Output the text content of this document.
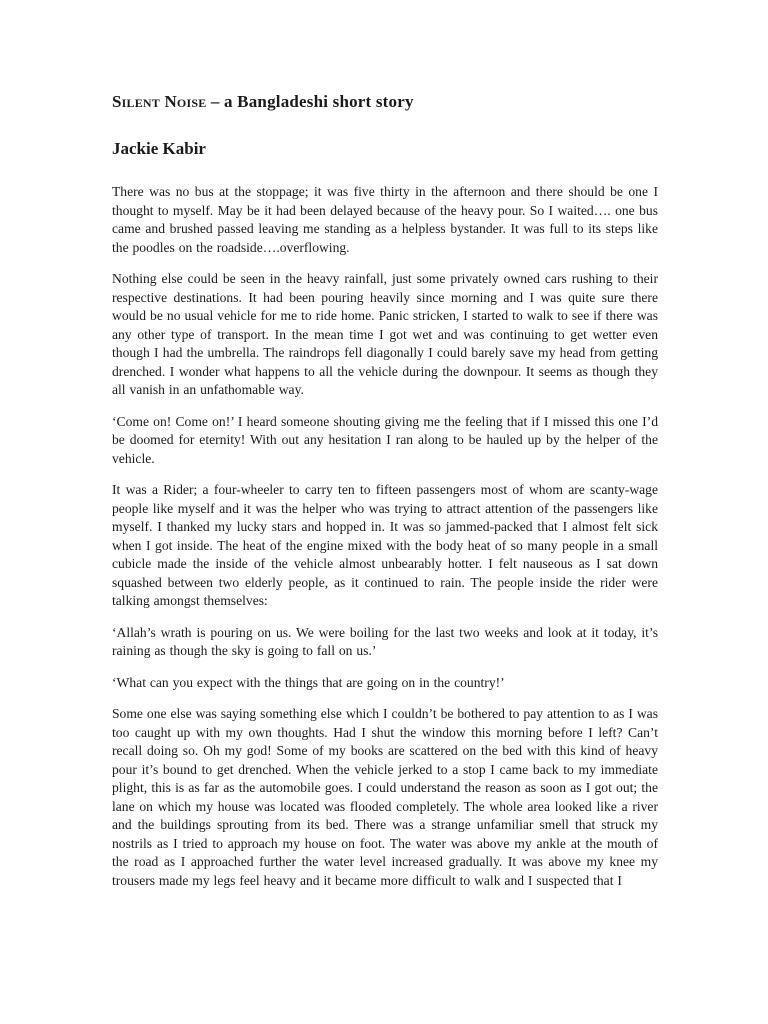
Silent Noise – a Bangladeshi short story
Jackie Kabir

There was no bus at the stoppage; it was five thirty in the afternoon and there should be one I thought to myself. May be it had been delayed because of the heavy pour. So I waited…. one bus came and brushed passed leaving me standing as a helpless bystander. It was full to its steps like the poodles on the roadside….overflowing.

Nothing else could be seen in the heavy rainfall, just some privately owned cars rushing to their respective destinations. It had been pouring heavily since morning and I was quite sure there would be no usual vehicle for me to ride home. Panic stricken, I started to walk to see if there was any other type of transport. In the mean time I got wet and was continuing to get wetter even though I had the umbrella. The raindrops fell diagonally I could barely save my head from getting drenched. I wonder what happens to all the vehicle during the downpour. It seems as though they all vanish in an unfathomable way.

‘Come on! Come on!’ I heard someone shouting giving me the feeling that if I missed this one I’d be doomed for eternity! With out any hesitation I ran along to be hauled up by the helper of the vehicle.

It was a Rider; a four-wheeler to carry ten to fifteen passengers most of whom are scanty-wage people like myself and it was the helper who was trying to attract attention of the passengers like myself. I thanked my lucky stars and hopped in. It was so jammed-packed that I almost felt sick when I got inside. The heat of the engine mixed with the body heat of so many people in a small cubicle made the inside of the vehicle almost unbearably hotter. I felt nauseous as I sat down squashed between two elderly people, as it continued to rain. The people inside the rider were talking amongst themselves:

‘Allah’s wrath is pouring on us. We were boiling for the last two weeks and look at it today, it’s raining as though the sky is going to fall on us.’

‘What can you expect with the things that are going on in the country!’

Some one else was saying something else which I couldn’t be bothered to pay attention to as I was too caught up with my own thoughts. Had I shut the window this morning before I left? Can’t recall doing so. Oh my god! Some of my books are scattered on the bed with this kind of heavy pour it’s bound to get drenched. When the vehicle jerked to a stop I came back to my immediate plight, this is as far as the automobile goes. I could understand the reason as soon as I got out; the lane on which my house was located was flooded completely. The whole area looked like a river and the buildings sprouting from its bed. There was a strange unfamiliar smell that struck my nostrils as I tried to approach my house on foot. The water was above my ankle at the mouth of the road as I approached further the water level increased gradually. It was above my knee my trousers made my legs feel heavy and it became more difficult to walk and I suspected that I
